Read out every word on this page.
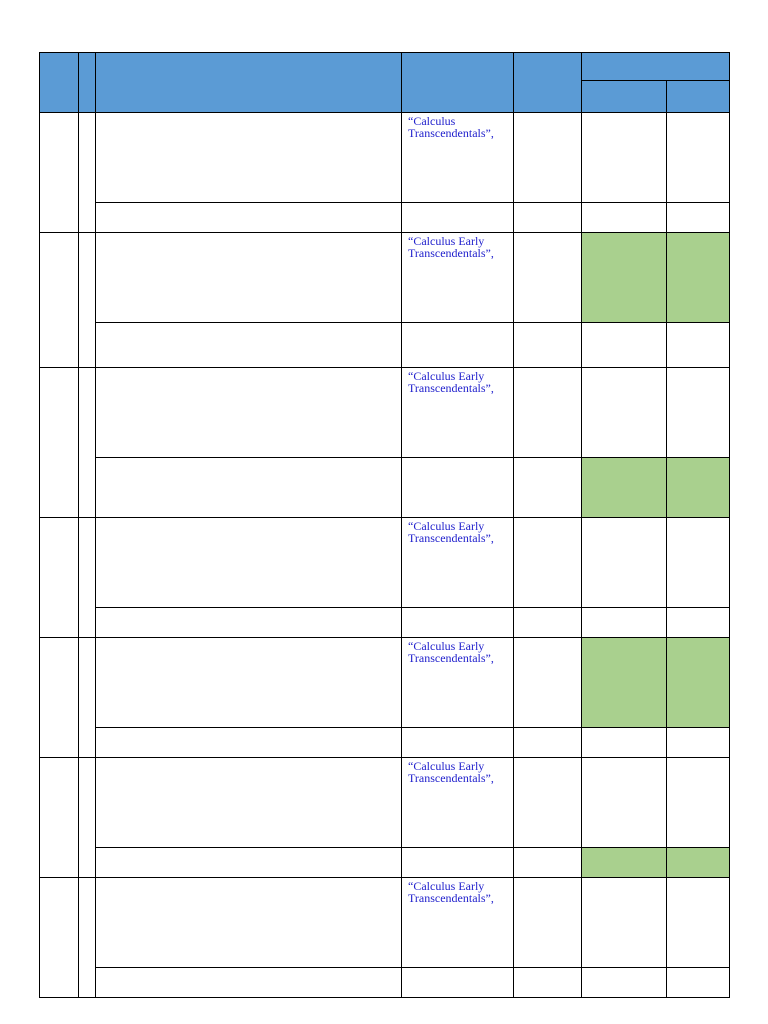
			“Calculus
Transcendentals”,			

			“Calculus Early
Transcendentals”,			

			“Calculus Early
Transcendentals”,			

			“Calculus Early
Transcendentals”,			

			“Calculus Early
Transcendentals”,			

			“Calculus Early
Transcendentals”,			

			“Calculus Early
Transcendentals”,			
